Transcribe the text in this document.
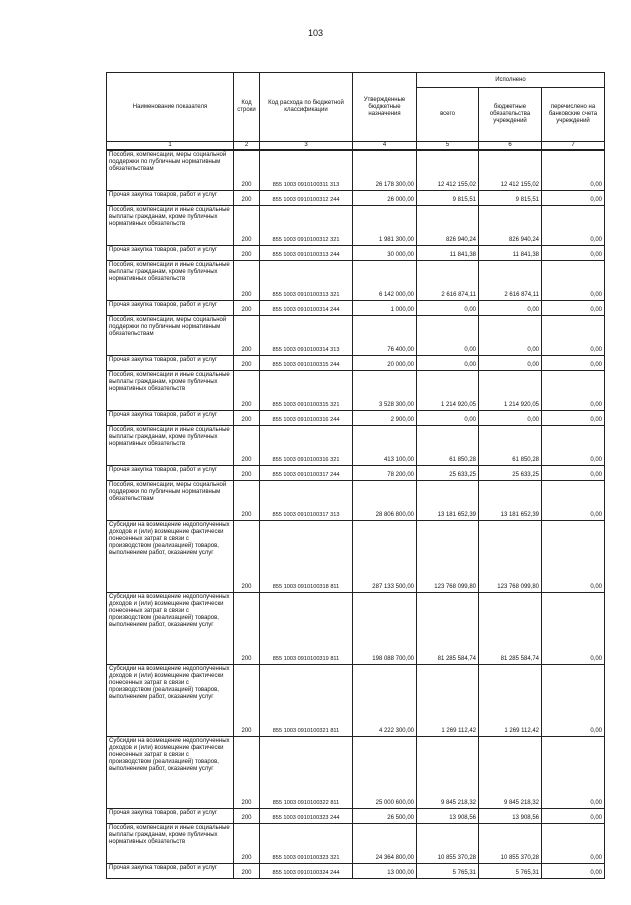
103
Наименование показателя	Код строки	Код расхода по бюджетной классификации	Утвержденные бюджетные назначения	Исполнено		
				всего	бюджетные обязательства учреждений	перечислено на банковские счета учреждений
1	2	3	4	5	6	7
Пособия, компенсации, меры социальной поддержки по публичным нормативным обязательствам	200	855 1003 0910100311 313	26 178 300,00	12 412 155,02	12 412 155,02	0,00
Прочая закупка товаров, работ и услуг	200	855 1003 0910100312 244	26 000,00	9 815,51	9 815,51	0,00
Пособия, компенсации и иные социальные выплаты гражданам, кроме публичных нормативных обязательств	200	855 1003 0910100312 321	1 981 300,00	826 940,24	826 940,24	0,00
Прочая закупка товаров, работ и услуг	200	855 1003 0910100313 244	30 000,00	11 841,38	11 841,38	0,00
Пособия, компенсации и иные социальные выплаты гражданам, кроме публичных нормативных обязательств	200	855 1003 0910100313 321	6 142 000,00	2 616 874,11	2 616 874,11	0,00
Прочая закупка товаров, работ и услуг	200	855 1003 0910100314 244	1 000,00	0,00	0,00	0,00
Пособия, компенсации, меры социальной поддержки по публичным нормативным обязательствам	200	855 1003 0910100314 313	76 400,00	0,00	0,00	0,00
Прочая закупка товаров, работ и услуг	200	855 1003 0910100315 244	20 000,00	0,00	0,00	0,00
Пособия, компенсации и иные социальные выплаты гражданам, кроме публичных нормативных обязательств	200	855 1003 0910100315 321	3 528 300,00	1 214 920,05	1 214 920,05	0,00
Прочая закупка товаров, работ и услуг	200	855 1003 0910100316 244	2 900,00	0,00	0,00	0,00
Пособия, компенсации и иные социальные выплаты гражданам, кроме публичных нормативных обязательств	200	855 1003 0910100316 321	413 100,00	61 850,28	61 850,28	0,00
Прочая закупка товаров, работ и услуг	200	855 1003 0910100317 244	78 200,00	25 633,25	25 633,25	0,00
Пособия, компенсации, меры социальной поддержки по публичным нормативным обязательствам	200	855 1003 0910100317 313	28 806 800,00	13 181 652,39	13 181 652,39	0,00
Субсидии на возмещение недополученных доходов и (или) возмещение фактически понесенных затрат в связи с производством (реализацией) товаров, выполнением работ, оказанием услуг	200	855 1003 0910100318 811	287 133 500,00	123 768 099,80	123 768 099,80	0,00
Субсидии на возмещение недополученных доходов и (или) возмещение фактически понесенных затрат в связи с производством (реализацией) товаров, выполнением работ, оказанием услуг	200	855 1003 0910100319 811	198 088 700,00	81 285 584,74	81 285 584,74	0,00
Субсидии на возмещение недополученных доходов и (или) возмещение фактически понесенных затрат в связи с производством (реализацией) товаров, выполнением работ, оказанием услуг	200	855 1003 0910100321 811	4 222 300,00	1 269 112,42	1 269 112,42	0,00
Субсидии на возмещение недополученных доходов и (или) возмещение фактически понесенных затрат в связи с производством (реализацией) товаров, выполнением работ, оказанием услуг	200	855 1003 0910100322 811	25 000 600,00	9 845 218,32	9 845 218,32	0,00
Прочая закупка товаров, работ и услуг	200	855 1003 0910100323 244	26 500,00	13 908,56	13 908,56	0,00
Пособия, компенсации и иные социальные выплаты гражданам, кроме публичных нормативных обязательств	200	855 1003 0910100323 321	24 364 800,00	10 855 370,28	10 855 370,28	0,00
Прочая закупка товаров, работ и услуг	200	855 1003 0910100324 244	13 000,00	5 765,31	5 765,31	0,00
